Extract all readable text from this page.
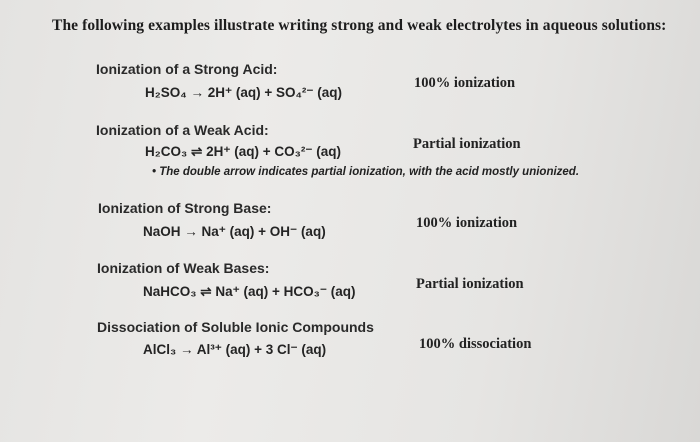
The following examples illustrate writing strong and weak electrolytes in aqueous solutions:
Ionization of a Strong Acid:
H₂SO₄ → 2H⁺ (aq) + SO₄²⁻ (aq)
100% ionization
Ionization of a Weak Acid:
H₂CO₃ ⇌ 2H⁺ (aq) + CO₃²⁻ (aq)	Partial ionization
• The double arrow indicates partial ionization, with the acid mostly unionized.
Ionization of Strong Base:
NaOH → Na⁺ (aq) + OH⁻ (aq)
100% ionization
Ionization of Weak Bases:
NaHCO₃ ⇌ Na⁺ (aq) + HCO₃⁻ (aq)	Partial ionization
Dissociation of Soluble Ionic Compounds
AlCl₃ → Al³⁺ (aq) + 3 Cl⁻ (aq)	100% dissociation
